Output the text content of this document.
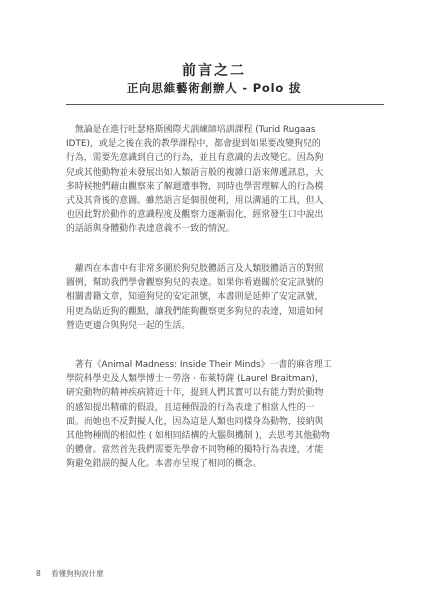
前言之二
正向思維藝術創辦人 - Polo 拔
　無論是在進行吐瑟格斯國際犬訓練師培訓課程 (Turid Rugaas
IDTE)，或是之後在我的教學課程中，都會提到如果要改變狗兒的
行為，需要先意識到自己的行為，並且有意識的去改變它。因為狗
兒或其他動物並未發展出如人類語言般的複雜口語來傳遞訊息，大
多時候牠們藉由觀察來了解週遭事物，同時也學習理解人的行為模
式及其背後的意圖。雖然語言是個很便利，用以溝通的工具，但人
也因此對於動作的意識程度及觀察力逐漸弱化，經常發生口中說出
的話語與身體動作表達意義不一致的情況。
　蘿西在本書中有非常多圖於狗兒肢體語言及人類肢體語言的對照
圖例，幫助我們學會觀察狗兒的表達。如果你看過關於安定訊號的
相關書籍文章，知道狗兒的安定訊號，本書則是延伸了安定訊號，
用更為貼近狗的觀點，讓我們能夠觀察更多狗兒的表達，知道如何
營造更適合與狗兒一起的生活。
　著有《Animal Madness: Inside Their Minds》一書的麻省理工
學院科學史及人類學博士－勞洛 · 布萊特薩 (Laurel Braitman)，
研究動物的精神疾病將近十年，提到人們其實可以有能力對於動物
的感知提出精確的假設，且這種假設的行為表達了相當人性的一
面。而她也不反對擬人化，因為這是人類也同樣身為動物，接納與
其他物種間的相似性 ( 如相同結構的大腦與機制 )，去思考其他動物
的體會。當然首先我們需要先學會不同物種的獨特行為表達，才能
夠避免錯誤的擬人化。本書亦呈現了相同的概念。
8 看懂狗狗說什麼
